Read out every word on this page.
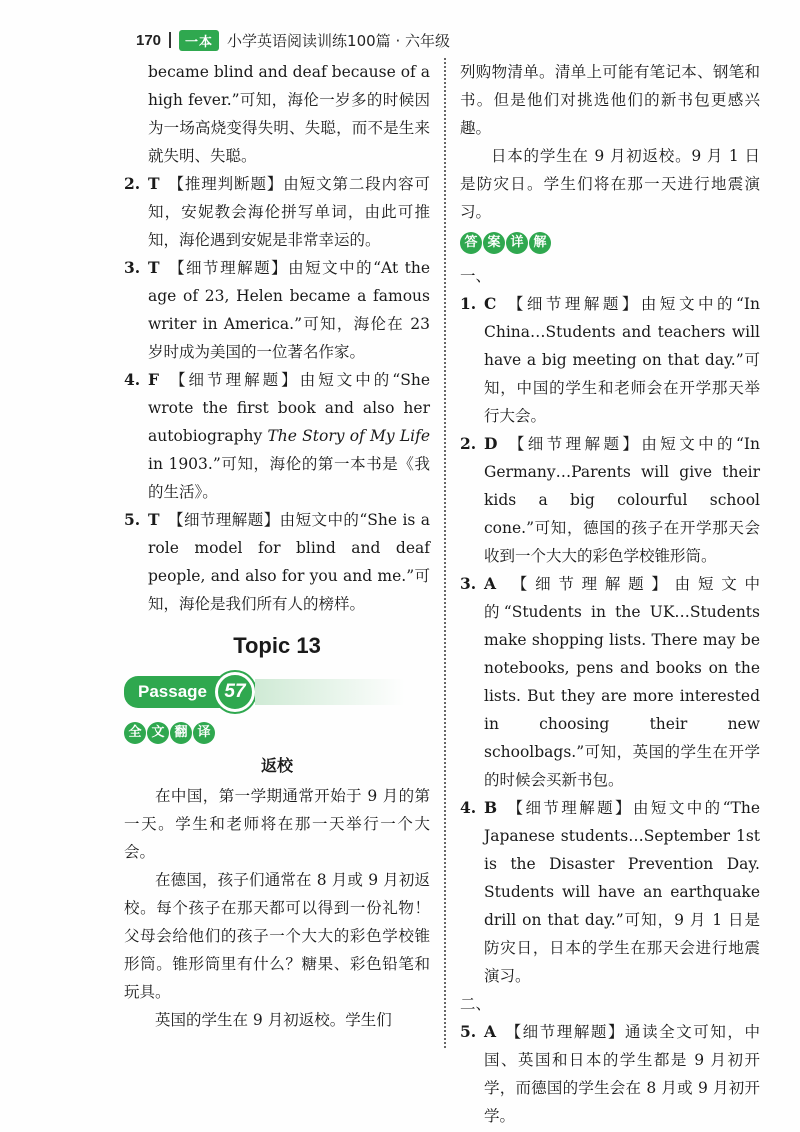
170	一本 小学英语阅读训练100篇 · 六年级

became blind and deaf because of a high fever.”可知，海伦一岁多的时候因为一场高烧变得失明、失聪，而不是生来就失明、失聪。

2. T 【推理判断题】由短文第二段内容可知，安妮教会海伦拼写单词，由此可推知，海伦遇到安妮是非常幸运的。

3. T 【细节理解题】由短文中的“At the age of 23, Helen became a famous writer in America.”可知，海伦在 23 岁时成为美国的一位著名作家。

4. F 【细节理解题】由短文中的“She wrote the first book and also her autobiography The Story of My Life in 1903.”可知，海伦的第一本书是《我的生活》。

5. T 【细节理解题】由短文中的“She is a role model for blind and deaf people, and also for you and me.”可知，海伦是我们所有人的榜样。

Topic 13
Passage 57
全 文 翻 译
返校

在中国，第一学期通常开始于 9 月的第一天。学生和老师将在那一天举行一个大会。

在德国，孩子们通常在 8 月或 9 月初返校。每个孩子在那天都可以得到一份礼物！父母会给他们的孩子一个大大的彩色学校锥形筒。锥形筒里有什么？糖果、彩色铅笔和玩具。

英国的学生在 9 月初返校。学生们

列购物清单。清单上可能有笔记本、钢笔和书。但是他们对挑选他们的新书包更感兴趣。

日本的学生在 9 月初返校。9 月 1 日是防灾日。学生们将在那一天进行地震演习。

答 案 详 解

一、

1. C 【细节理解题】由短文中的“In China…Students and teachers will have a big meeting on that day.”可知，中国的学生和老师会在开学那天举行大会。

2. D 【细节理解题】由短文中的“In Germany…Parents will give their kids a big colourful school cone.”可知，德国的孩子在开学那天会收到一个大大的彩色学校锥形筒。

3. A 【细节理解题】由短文中的“Students in the UK…Students make shopping lists. There may be notebooks, pens and books on the lists. But they are more interested in choosing their new schoolbags.”可知，英国的学生在开学的时候会买新书包。

4. B 【细节理解题】由短文中的“The Japanese students…September 1st is the Disaster Prevention Day. Students will have an earthquake drill on that day.”可知，9 月 1 日是防灾日，日本的学生在那天会进行地震演习。

二、

5. A 【细节理解题】通读全文可知，中国、英国和日本的学生都是 9 月初开学，而德国的学生会在 8 月或 9 月初开学。
